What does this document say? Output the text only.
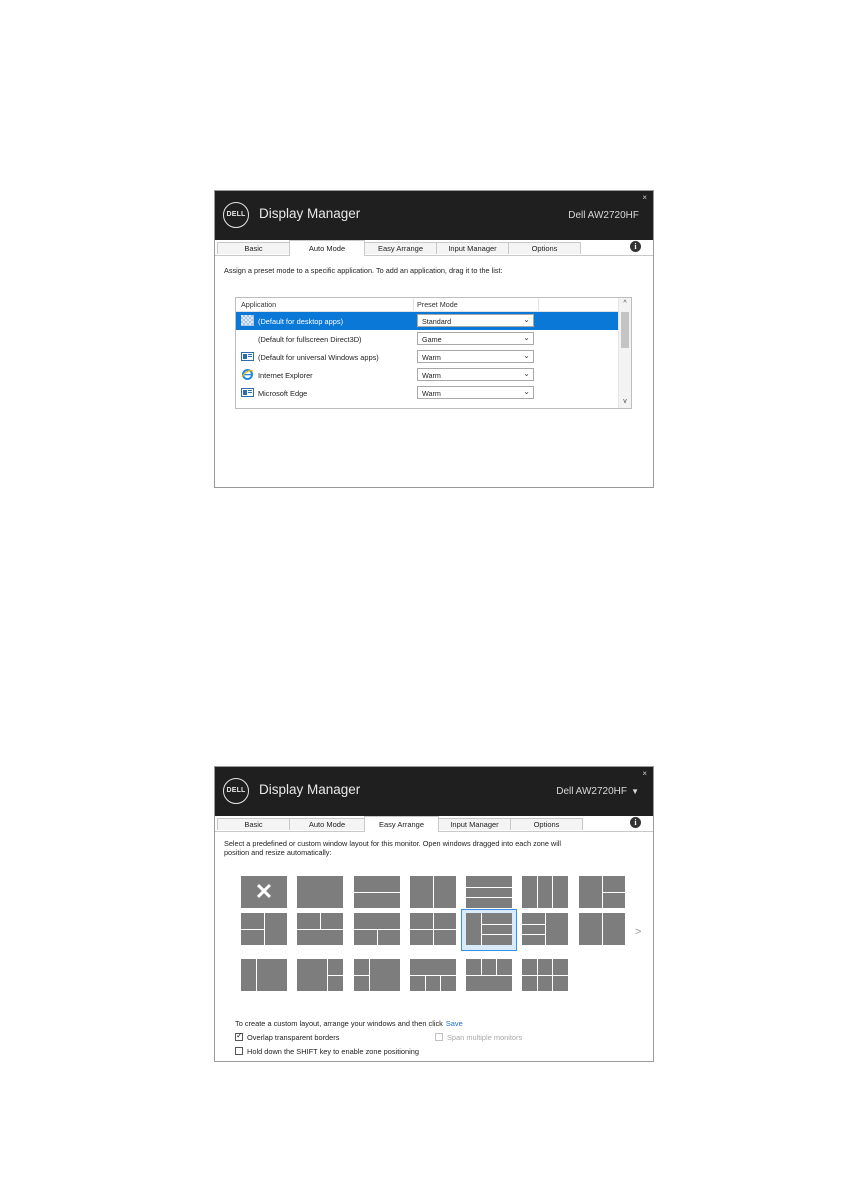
DELL Display Manager	Dell AW2720HF
×
Basic	Auto Mode	Easy Arrange	Input Manager	Options	i
Assign a preset mode to a specific application. To add an application, drag it to the list:
Application	Preset Mode
(Default for desktop apps)	Standard	⌄
(Default for fullscreen Direct3D)	Game	⌄
(Default for universal Windows apps)	Warm	⌄
Internet Explorer	Warm	⌄
Microsoft Edge	Warm	⌄
^
v
DELL Display Manager	Dell AW2720HF ▼
×
Basic	Auto Mode	Easy Arrange	Input Manager	Options	i
Select a predefined or custom window layout for this monitor. Open windows dragged into each zone will
position and resize automatically:
✕
>
To create a custom layout, arrange your windows and then click Save
✓
Overlap transparent borders	Span multiple monitors
Hold down the SHIFT key to enable zone positioning
